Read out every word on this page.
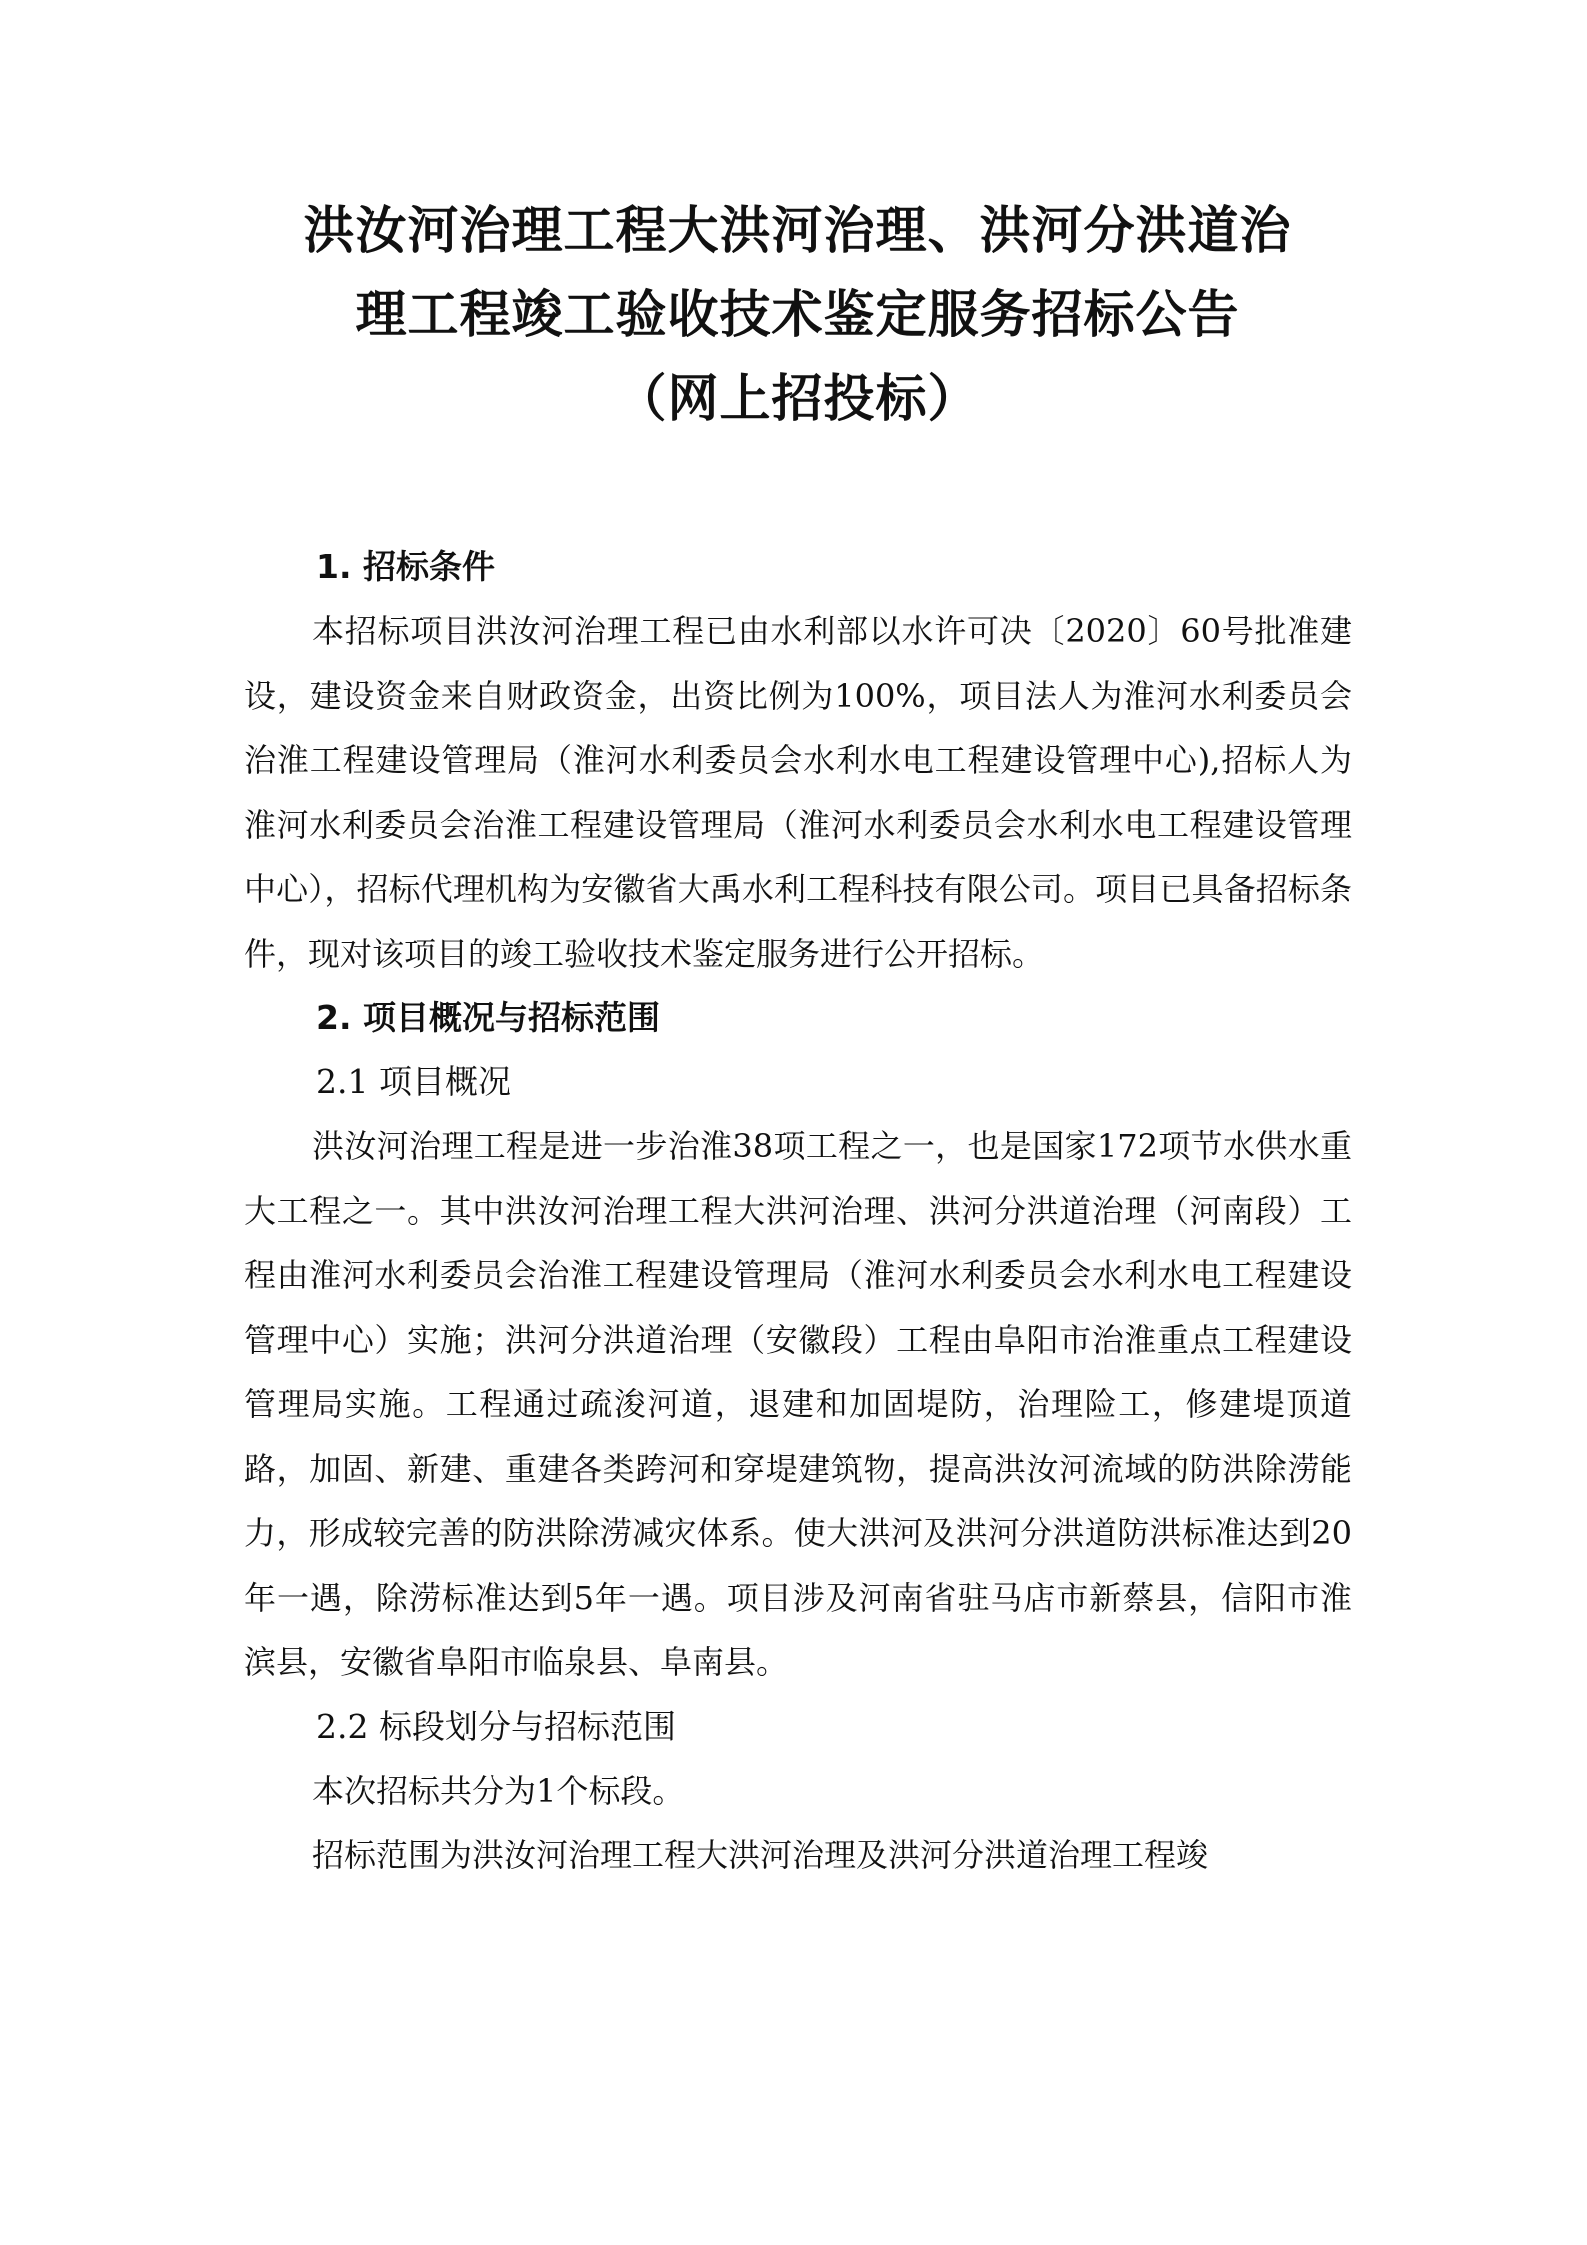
洪汝河治理工程大洪河治理、洪河分洪道治
理工程竣工验收技术鉴定服务招标公告
（网上招投标）
1. 招标条件

本招标项目洪汝河治理工程已由水利部以水许可决〔2020〕60号批准建设，建设资金来自财政资金，出资比例为100%，项目法人为淮河水利委员会治淮工程建设管理局（淮河水利委员会水利水电工程建设管理中心),招标人为淮河水利委员会治淮工程建设管理局（淮河水利委员会水利水电工程建设管理中心），招标代理机构为安徽省大禹水利工程科技有限公司。项目已具备招标条件，现对该项目的竣工验收技术鉴定服务进行公开招标。

2. 项目概况与招标范围
2.1 项目概况

洪汝河治理工程是进一步治淮38项工程之一，也是国家172项节水供水重大工程之一。其中洪汝河治理工程大洪河治理、洪河分洪道治理（河南段）工程由淮河水利委员会治淮工程建设管理局（淮河水利委员会水利水电工程建设管理中心）实施；洪河分洪道治理（安徽段）工程由阜阳市治淮重点工程建设管理局实施。工程通过疏浚河道，退建和加固堤防，治理险工，修建堤顶道路，加固、新建、重建各类跨河和穿堤建筑物，提高洪汝河流域的防洪除涝能力，形成较完善的防洪除涝减灾体系。使大洪河及洪河分洪道防洪标准达到20年一遇，除涝标准达到5年一遇。项目涉及河南省驻马店市新蔡县，信阳市淮滨县，安徽省阜阳市临泉县、阜南县。

2.2 标段划分与招标范围

本次招标共分为1个标段。

招标范围为洪汝河治理工程大洪河治理及洪河分洪道治理工程竣
